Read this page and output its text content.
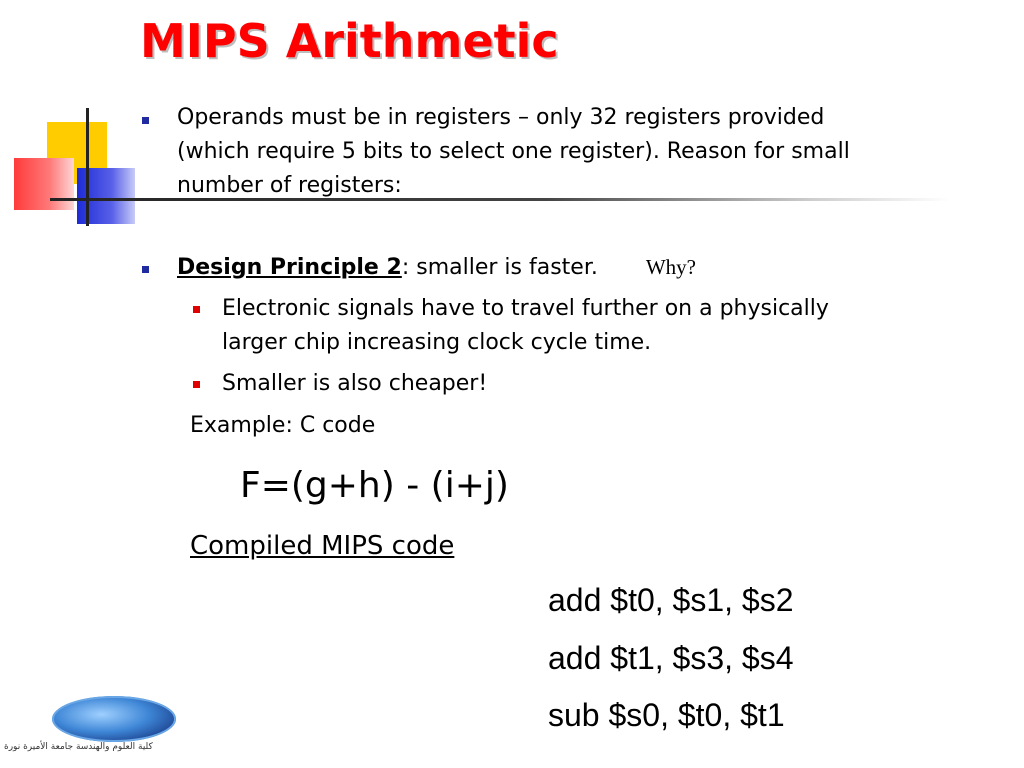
MIPS Arithmetic
Operands must be in registers – only 32 registers provided
(which require 5 bits to select one register). Reason for small
number of registers:
Design Principle 2: smaller is faster. Why?
Electronic signals have to travel further on a physically
larger chip increasing clock cycle time.
Smaller is also cheaper!
Example: C code
F=(g+h) - (i+j)
Compiled MIPS code
add $t0, $s1, $s2
add $t1, $s3, $s4
sub $s0, $t0, $t1
كلية العلوم والهندسة جامعة الأميرة نورة
